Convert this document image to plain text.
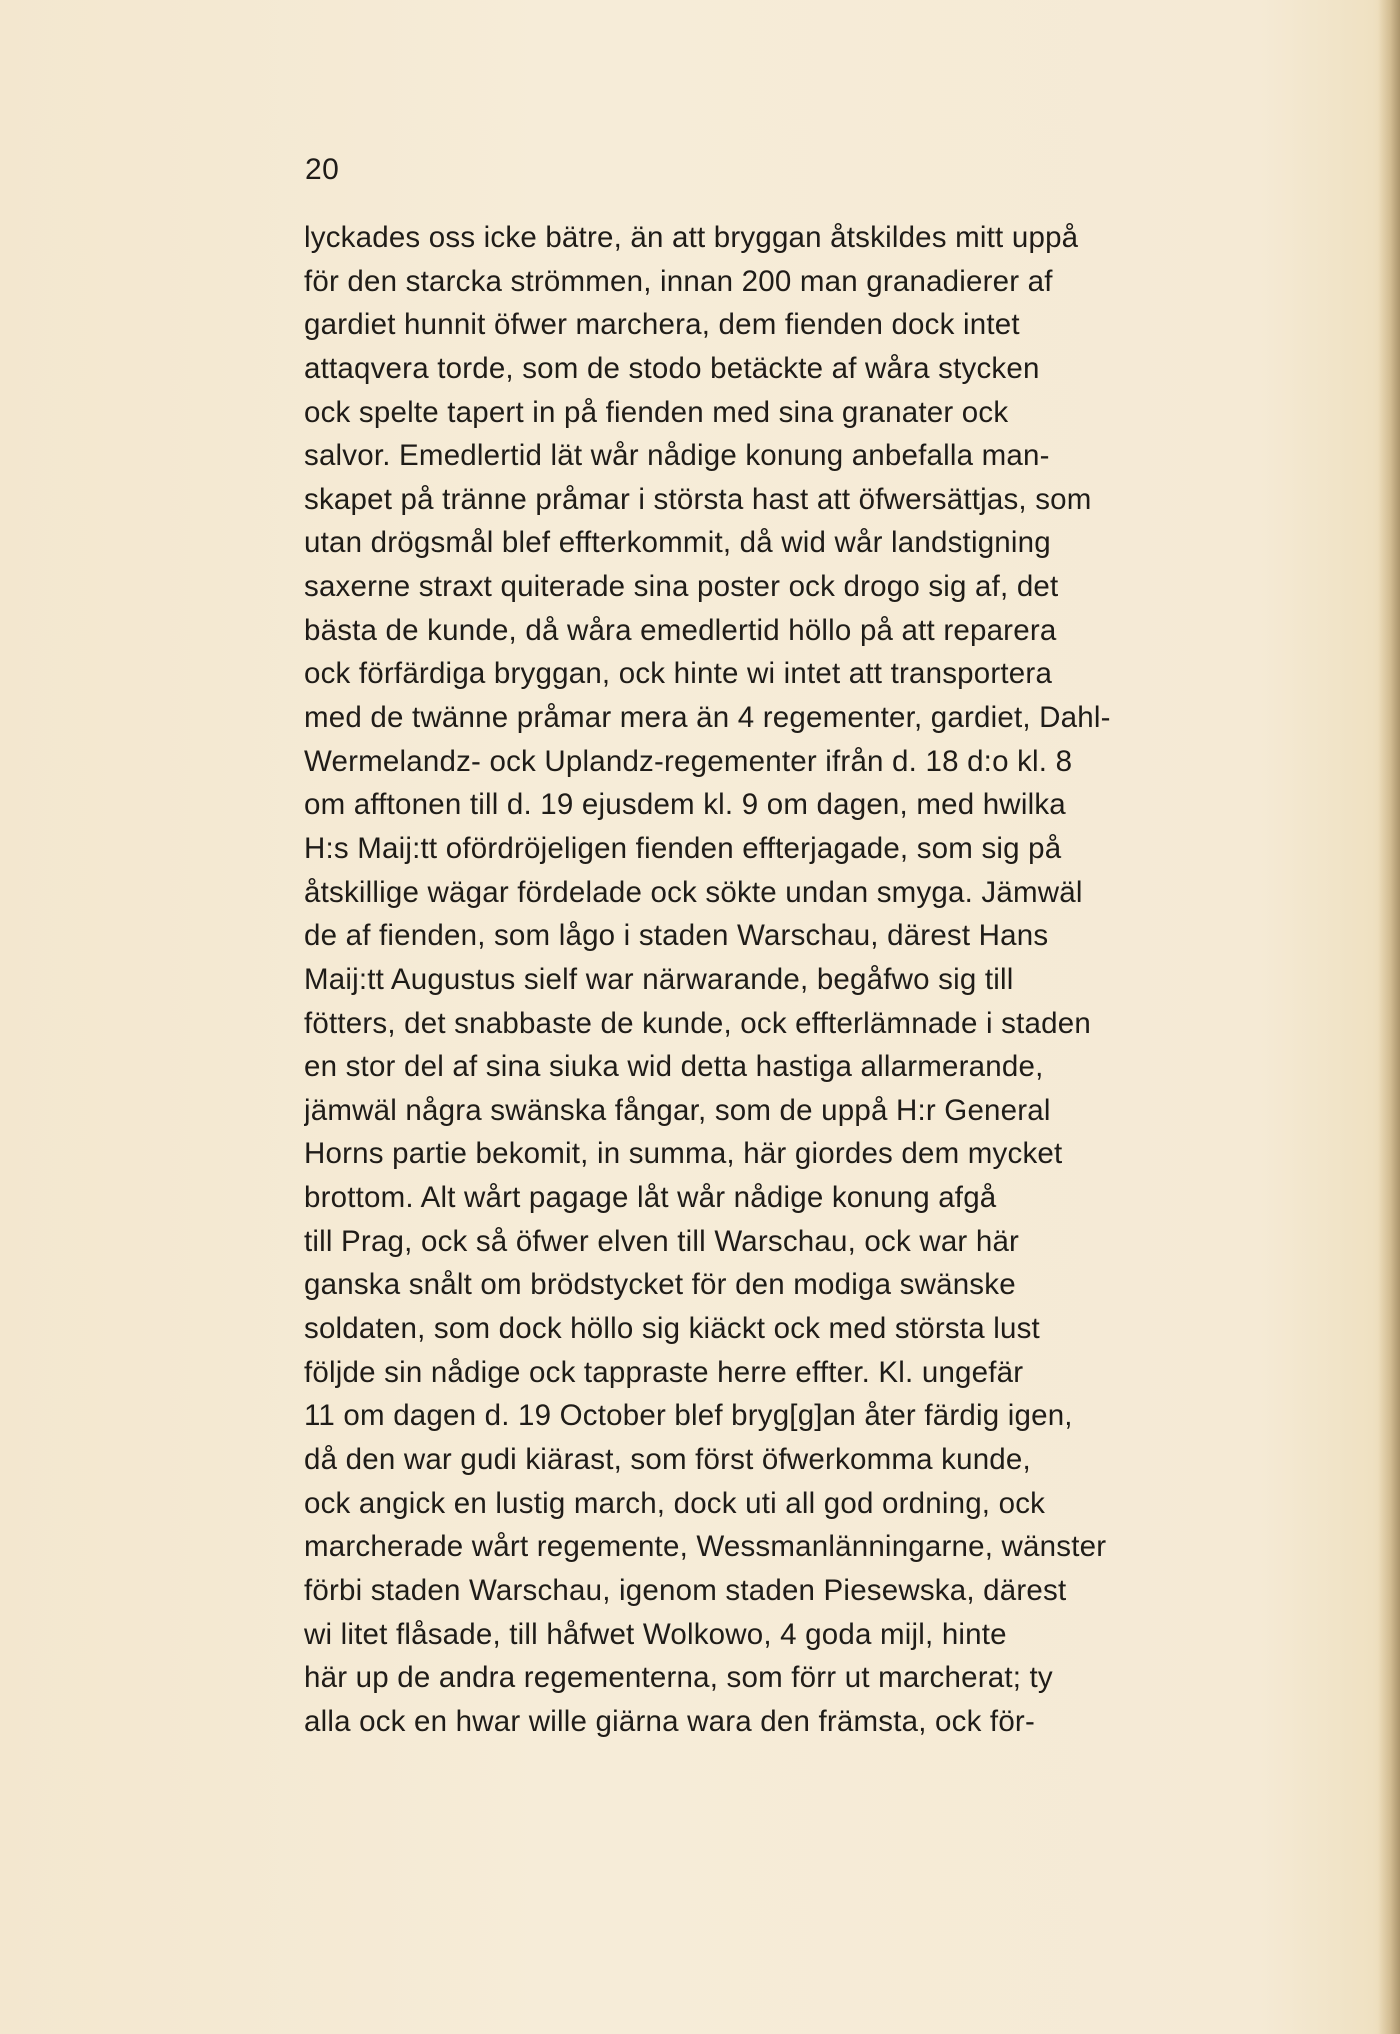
20
lyckades oss icke bätre, än att bryggan åtskildes mitt uppå
för den starcka strömmen, innan 200 man granadierer af
gardiet hunnit öfwer marchera, dem fienden dock intet
attaqvera torde, som de stodo betäckte af wåra stycken
ock spelte tapert in på fienden med sina granater ock
salvor. Emedlertid lät wår nådige konung anbefalla man-
skapet på tränne pråmar i största hast att öfwersättjas, som
utan drögsmål blef effterkommit, då wid wår landstigning
saxerne straxt quiterade sina poster ock drogo sig af, det
bästa de kunde, då wåra emedlertid höllo på att reparera
ock förfärdiga bryggan, ock hinte wi intet att transportera
med de twänne pråmar mera än 4 regementer, gardiet, Dahl-
Wermelandz- ock Uplandz-regementer ifrån d. 18 d:o kl. 8
om afftonen till d. 19 ejusdem kl. 9 om dagen, med hwilka
H:s Maij:tt ofördröjeligen fienden effterjagade, som sig på
åtskillige wägar fördelade ock sökte undan smyga. Jämwäl
de af fienden, som lågo i staden Warschau, därest Hans
Maij:tt Augustus sielf war närwarande, begåfwo sig till
fötters, det snabbaste de kunde, ock effterlämnade i staden
en stor del af sina siuka wid detta hastiga allarmerande,
jämwäl några swänska fångar, som de uppå H:r General
Horns partie bekomit, in summa, här giordes dem mycket
brottom. Alt wårt pagage låt wår nådige konung afgå
till Prag, ock så öfwer elven till Warschau, ock war här
ganska snålt om brödstycket för den modiga swänske
soldaten, som dock höllo sig kiäckt ock med största lust
följde sin nådige ock tappraste herre effter. Kl. ungefär
11 om dagen d. 19 October blef bryg[g]an åter färdig igen,
då den war gudi kiärast, som först öfwerkomma kunde,
ock angick en lustig march, dock uti all god ordning, ock
marcherade wårt regemente, Wessmanlänningarne, wänster
förbi staden Warschau, igenom staden Piesewska, därest
wi litet flåsade, till håfwet Wolkowo, 4 goda mijl, hinte
här up de andra regementerna, som förr ut marcherat; ty
alla ock en hwar wille giärna wara den främsta, ock för-
